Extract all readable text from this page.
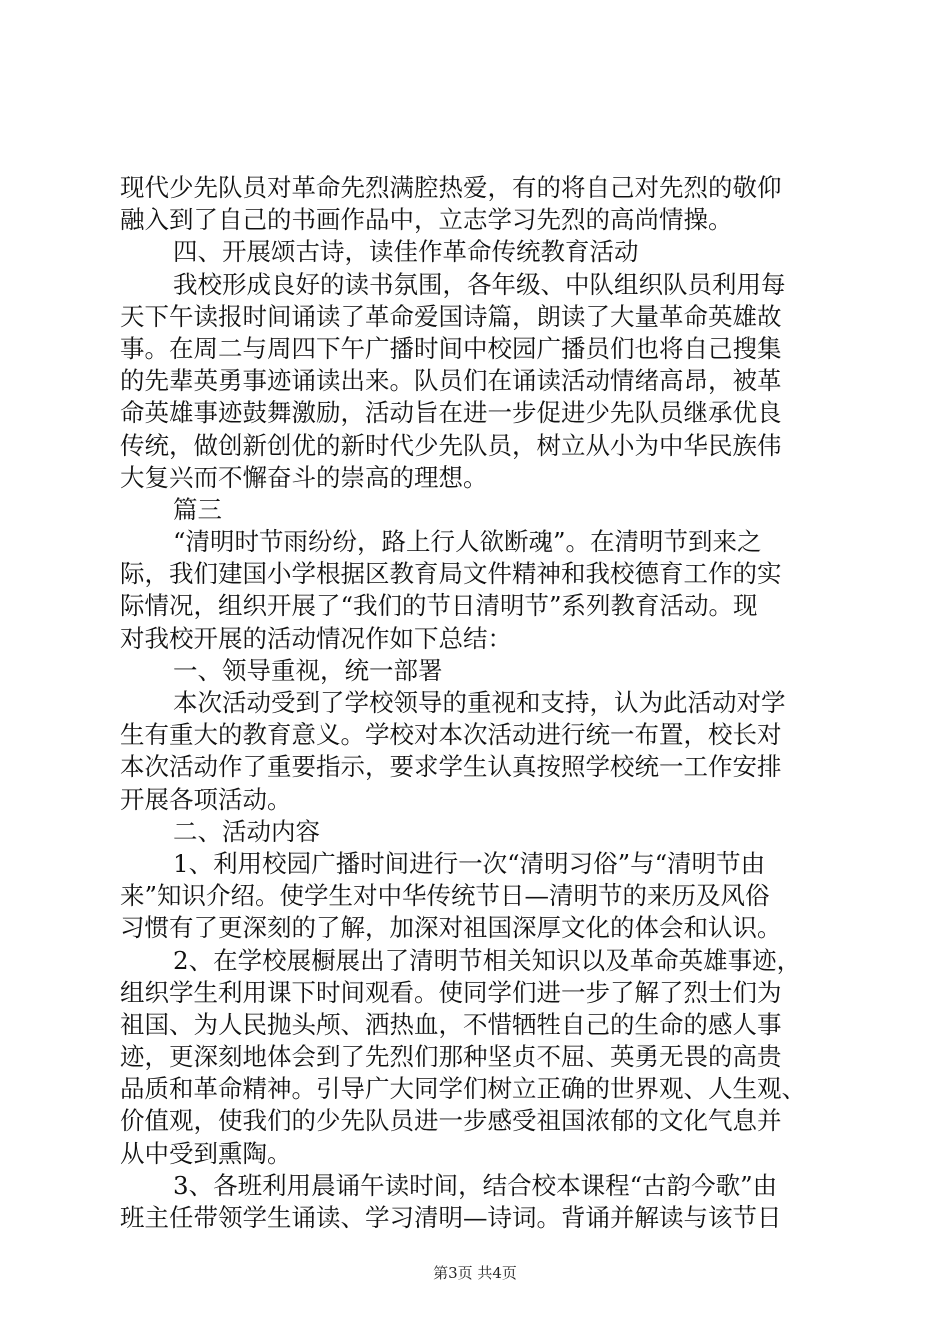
现代少先队员对革命先烈满腔热爱，有的将自己对先烈的敬仰
融入到了自己的书画作品中，立志学习先烈的高尚情操。
四、开展颂古诗，读佳作革命传统教育活动
我校形成良好的读书氛围，各年级、中队组织队员利用每
天下午读报时间诵读了革命爱国诗篇，朗读了大量革命英雄故
事。在周二与周四下午广播时间中校园广播员们也将自己搜集
的先辈英勇事迹诵读出来。队员们在诵读活动情绪高昂，被革
命英雄事迹鼓舞激励，活动旨在进一步促进少先队员继承优良
传统，做创新创优的新时代少先队员，树立从小为中华民族伟
大复兴而不懈奋斗的崇高的理想。
篇三
“清明时节雨纷纷，路上行人欲断魂”。在清明节到来之
际，我们建国小学根据区教育局文件精神和我校德育工作的实
际情况，组织开展了“我们的节日清明节”系列教育活动。现
对我校开展的活动情况作如下总结：
一、领导重视，统一部署
本次活动受到了学校领导的重视和支持，认为此活动对学
生有重大的教育意义。学校对本次活动进行统一布置，校长对
本次活动作了重要指示，要求学生认真按照学校统一工作安排
开展各项活动。
二、活动内容
1、利用校园广播时间进行一次“清明习俗”与“清明节由
来”知识介绍。使学生对中华传统节日—清明节的来历及风俗
习惯有了更深刻的了解，加深对祖国深厚文化的体会和认识。
2、在学校展橱展出了清明节相关知识以及革命英雄事迹，
组织学生利用课下时间观看。使同学们进一步了解了烈士们为
祖国、为人民抛头颅、洒热血，不惜牺牲自己的生命的感人事
迹，更深刻地体会到了先烈们那种坚贞不屈、英勇无畏的高贵
品质和革命精神。引导广大同学们树立正确的世界观、人生观、
价值观，使我们的少先队员进一步感受祖国浓郁的文化气息并
从中受到熏陶。
3、各班利用晨诵午读时间，结合校本课程“古韵今歌”由
班主任带领学生诵读、学习清明—诗词。背诵并解读与该节日
第3页 共4页
